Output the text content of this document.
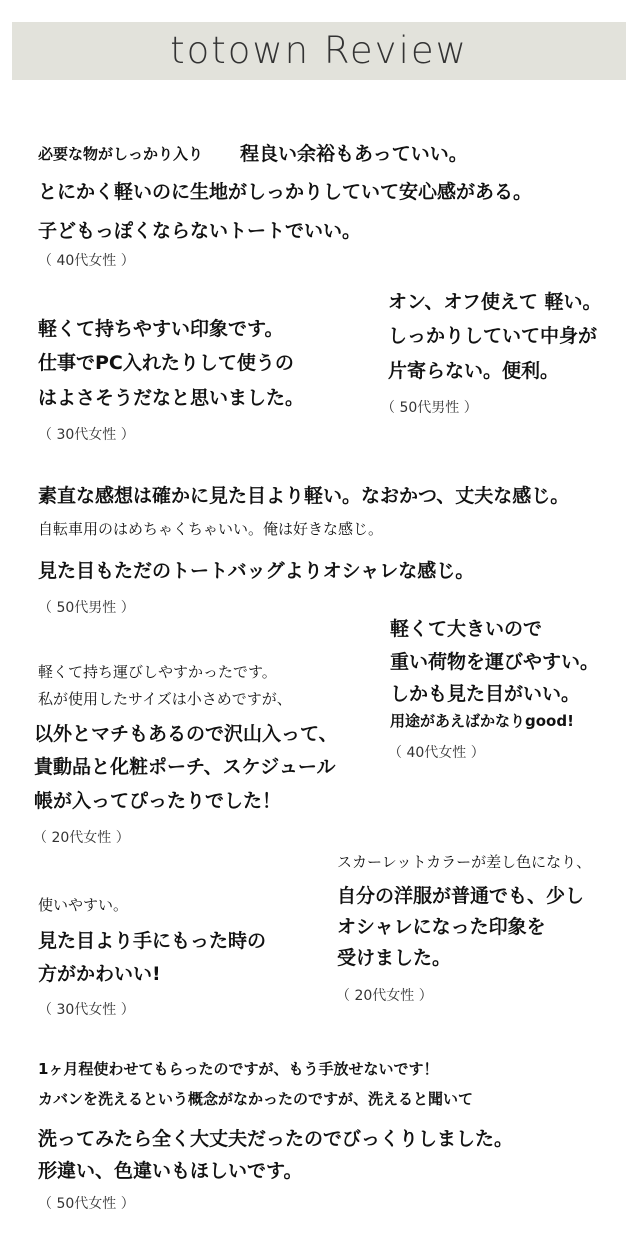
totown Review
必要な物がしっかり入り 程良い余裕もあっていい。
とにかく軽いのに生地がしっかりしていて安心感がある。
子どもっぽくならないトートでいい。
（ 40代女性 ）
軽くて持ちやすい印象です。
仕事でPC入れたりして使うの
はよさそうだなと思いました。
（ 30代女性 ）
オン、オフ使えて 軽い。
しっかりしていて中身が
片寄らない。便利。
（ 50代男性 ）
素直な感想は確かに見た目より軽い。なおかつ、丈夫な感じ。
自転車用のはめちゃくちゃいい。俺は好きな感じ。
見た目もただのトートバッグよりオシャレな感じ。
（ 50代男性 ）
軽くて大きいので
重い荷物を運びやすい。
しかも見た目がいい。
用途があえばかなりgood!
（ 40代女性 ）
軽くて持ち運びしやすかったです。
私が使用したサイズは小さめですが、
以外とマチもあるので沢山入って、
貴動品と化粧ポーチ、スケジュール
帳が入ってぴったりでした！
（ 20代女性 ）
使いやすい。
見た目より手にもった時の
方がかわいい!
（ 30代女性 ）
スカーレットカラーが差し色になり、
自分の洋服が普通でも、少し
オシャレになった印象を
受けました。
（ 20代女性 ）
1ヶ月程使わせてもらったのですが、もう手放せないです！
カバンを洗えるという概念がなかったのですが、洗えると聞いて
洗ってみたら全く大丈夫だったのでびっくりしました。
形違い、色違いもほしいです。
（ 50代女性 ）
